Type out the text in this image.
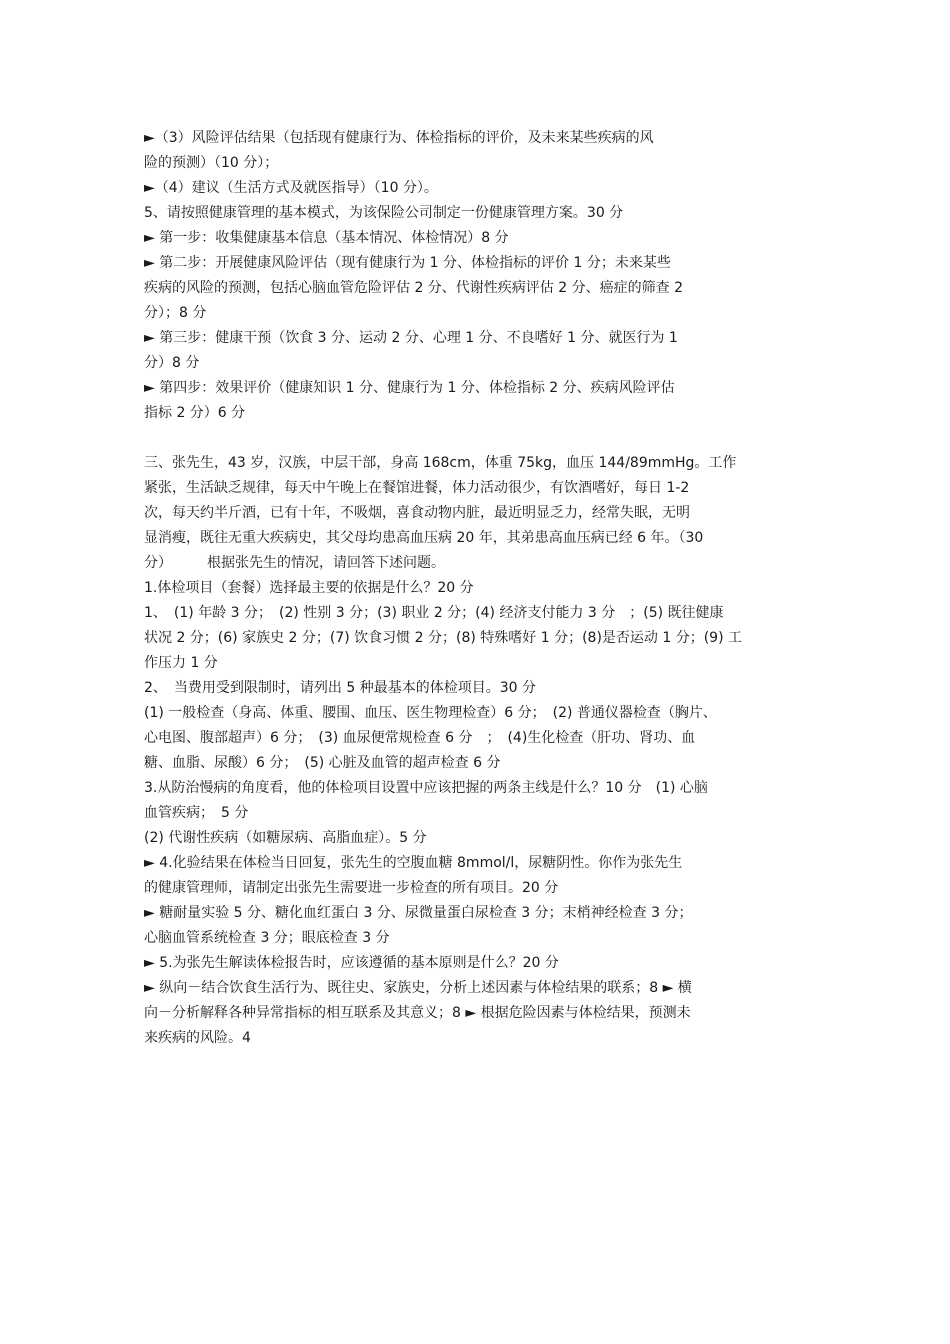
►（3）风险评估结果（包括现有健康行为、体检指标的评价，及未来某些疾病的风
险的预测）（10 分）；
►（4）建议（生活方式及就医指导）（10 分）。
5、请按照健康管理的基本模式，为该保险公司制定一份健康管理方案。30 分
► 第一步：收集健康基本信息（基本情况、体检情况）8 分
► 第二步：开展健康风险评估（现有健康行为 1 分、体检指标的评价 1 分；未来某些
疾病的风险的预测，包括心脑血管危险评估 2 分、代谢性疾病评估 2 分、癌症的筛查 2
分）；8 分
► 第三步：健康干预（饮食 3 分、运动 2 分、心理 1 分、不良嗜好 1 分、就医行为 1
分）8 分
► 第四步：效果评价（健康知识 1 分、健康行为 1 分、体检指标 2 分、疾病风险评估
指标 2 分）6 分
三、张先生，43 岁，汉族，中层干部，身高 168cm，体重 75kg，血压 144/89mmHg。工作
紧张，生活缺乏规律，每天中午晚上在餐馆进餐，体力活动很少，有饮酒嗜好，每日 1-2
次，每天约半斤酒，已有十年，不吸烟，喜食动物内脏，最近明显乏力，经常失眠，无明
显消瘦，既往无重大疾病史，其父母均患高血压病 20 年，其弟患高血压病已经 6 年。（30
分）　　　根据张先生的情况，请回答下述问题。
1.体检项目（套餐）选择最主要的依据是什么？20 分
1、　(1) 年龄 3 分；　(2) 性别 3 分；(3) 职业 2 分；(4) 经济支付能力 3 分　；(5) 既往健康
状况 2 分；(6) 家族史 2 分；(7) 饮食习惯 2 分；(8) 特殊嗜好 1 分；(8)是否运动 1 分；(9) 工
作压力 1 分
2、　当费用受到限制时，请列出 5 种最基本的体检项目。30 分
(1) 一般检查（身高、体重、腰围、血压、医生物理检查）6 分；　(2) 普通仪器检查（胸片、
心电图、腹部超声）6 分；　(3) 血尿便常规检查 6 分　；　(4)生化检查（肝功、肾功、血
糖、血脂、尿酸）6 分；　(5) 心脏及血管的超声检查 6 分
3.从防治慢病的角度看，他的体检项目设置中应该把握的两条主线是什么？10 分　(1) 心脑
血管疾病；　5 分
(2) 代谢性疾病（如糖尿病、高脂血症）。5 分
► 4.化验结果在体检当日回复，张先生的空腹血糖 8mmol/l，尿糖阴性。你作为张先生
的健康管理师，请制定出张先生需要进一步检查的所有项目。20 分
► 糖耐量实验 5 分、糖化血红蛋白 3 分、尿微量蛋白尿检查 3 分；末梢神经检查 3 分；
心脑血管系统检查 3 分；眼底检查 3 分
► 5.为张先生解读体检报告时，应该遵循的基本原则是什么？20 分
► 纵向－结合饮食生活行为、既往史、家族史，分析上述因素与体检结果的联系；8 ► 横
向－分析解释各种异常指标的相互联系及其意义；8 ► 根据危险因素与体检结果，预测未
来疾病的风险。4
